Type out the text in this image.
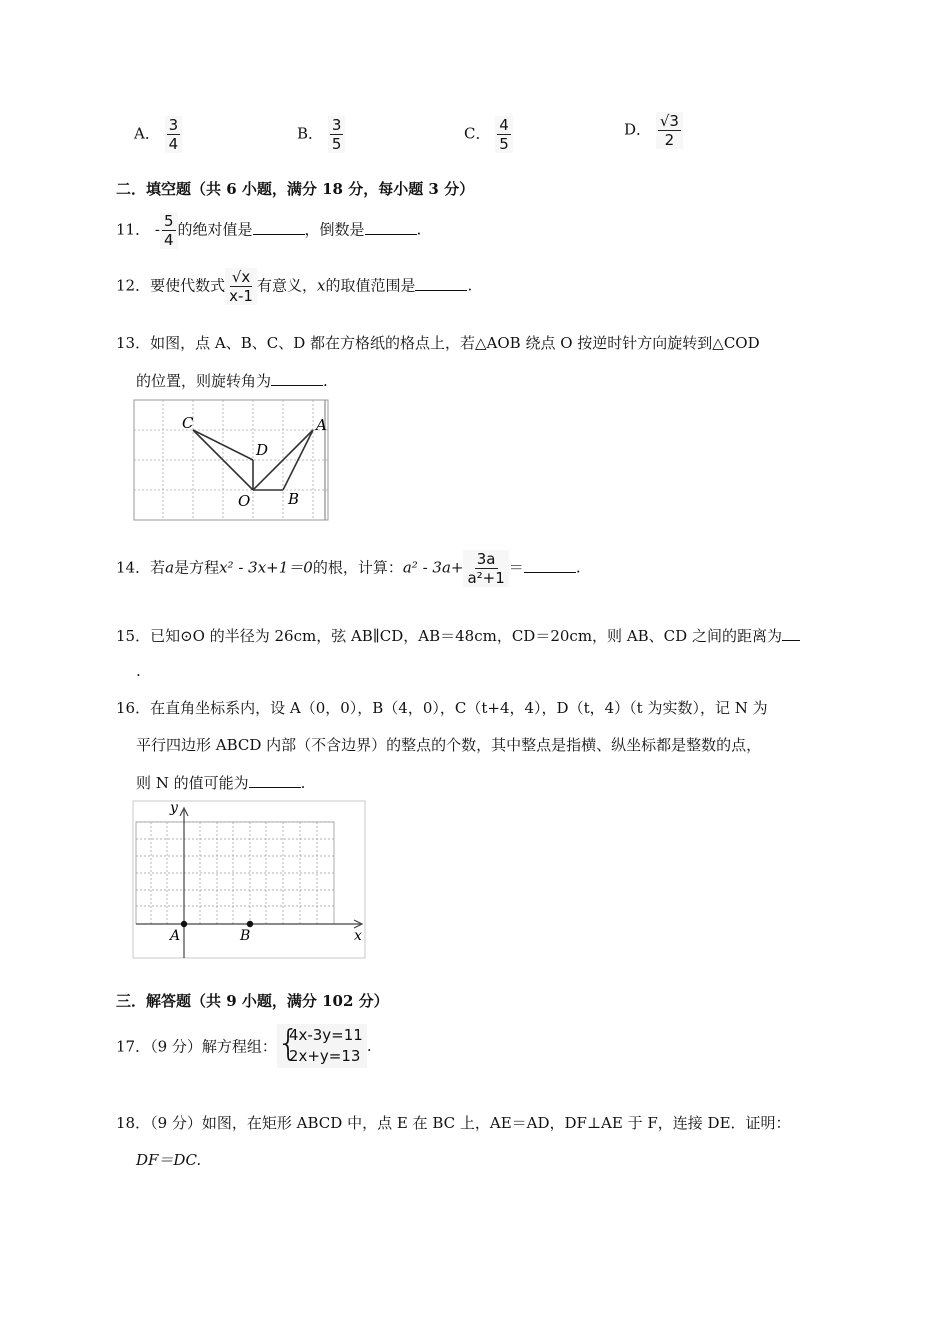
A． $\frac{3}{4}$	B． $\frac{3}{5}$	C． $\frac{4}{5}$	D． $\frac{√3}{2}$
二．填空题（共 6 小题，满分 18 分，每小题 3 分）
11． - $\frac{5}{4}$ 的绝对值是	，倒数是	.
12．要使代数式 $\frac{√x}{x-1}$ 有意义，x的取值范围是	.
13．如图，点 A、B、C、D 都在方格纸的格点上，若△AOB 绕点 O 按逆时针方向旋转到△COD
的位置，则旋转角为	.
C
D
A
O	B
14．若a是方程x² - 3x+1＝0的根，计算：$a^2 - 3a+ \frac{3a}{\text{a²+1}}$ ＝	.
15．已知⊙O 的半径为 26cm，弦 AB∥CD，AB＝48cm，CD＝20cm，则 AB、CD 之间的距离为
.
16．在直角坐标系内，设 A（0，0），B（4，0），C（t+4，4），D（t，4）（t 为实数），记 N 为
平行四边形 ABCD 内部（不含边界）的整点的个数，其中整点是指横、纵坐标都是整数的点，
则 N 的值可能为	.
y
x
A	B
三．解答题（共 9 小题，满分 102 分）
17．（9 分）解方程组： {
4x-3y=11
2x+y=13
.
18．（9 分）如图，在矩形 ABCD 中，点 E 在 BC 上，AE＝AD，DF⊥AE 于 F，连接 DE．证明：
DF＝DC.
